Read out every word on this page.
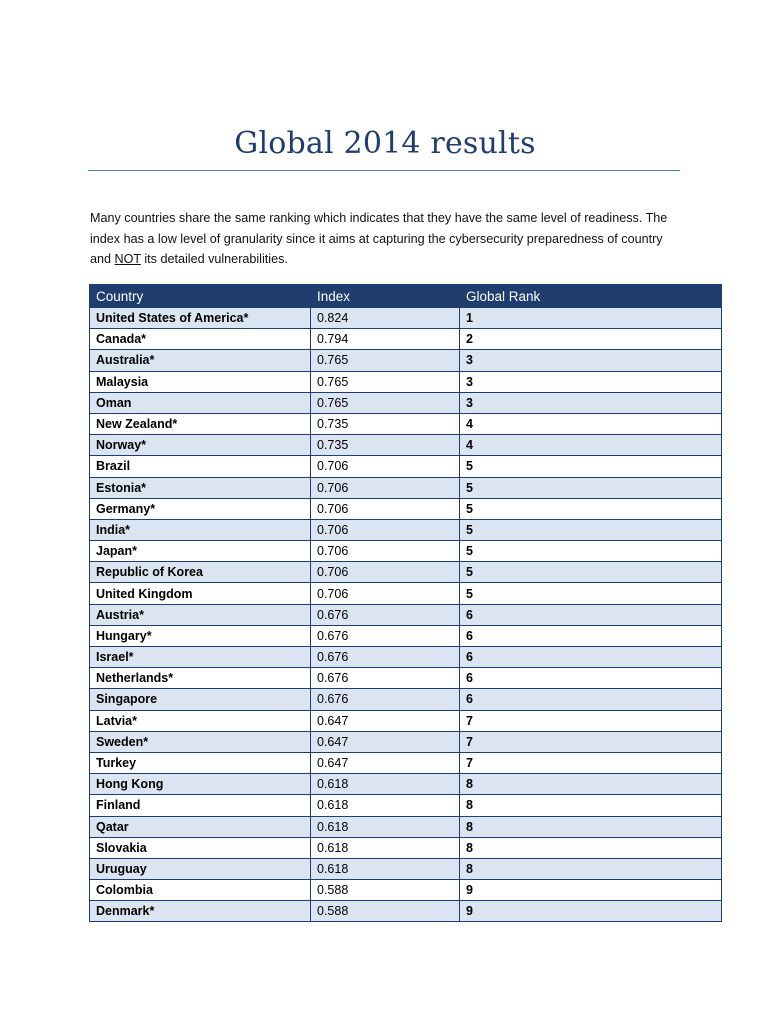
Global 2014 results

Many countries share the same ranking which indicates that they have the same level of readiness. The index has a low level of granularity since it aims at capturing the cybersecurity preparedness of country and NOT its detailed vulnerabilities.

Country	Index	Global Rank
United States of America*	0.824	1
Canada*	0.794	2
Australia*	0.765	3
Malaysia	0.765	3
Oman	0.765	3
New Zealand*	0.735	4
Norway*	0.735	4
Brazil	0.706	5
Estonia*	0.706	5
Germany*	0.706	5
India*	0.706	5
Japan*	0.706	5
Republic of Korea	0.706	5
United Kingdom	0.706	5
Austria*	0.676	6
Hungary*	0.676	6
Israel*	0.676	6
Netherlands*	0.676	6
Singapore	0.676	6
Latvia*	0.647	7
Sweden*	0.647	7
Turkey	0.647	7
Hong Kong	0.618	8
Finland	0.618	8
Qatar	0.618	8
Slovakia	0.618	8
Uruguay	0.618	8
Colombia	0.588	9
Denmark*	0.588	9
